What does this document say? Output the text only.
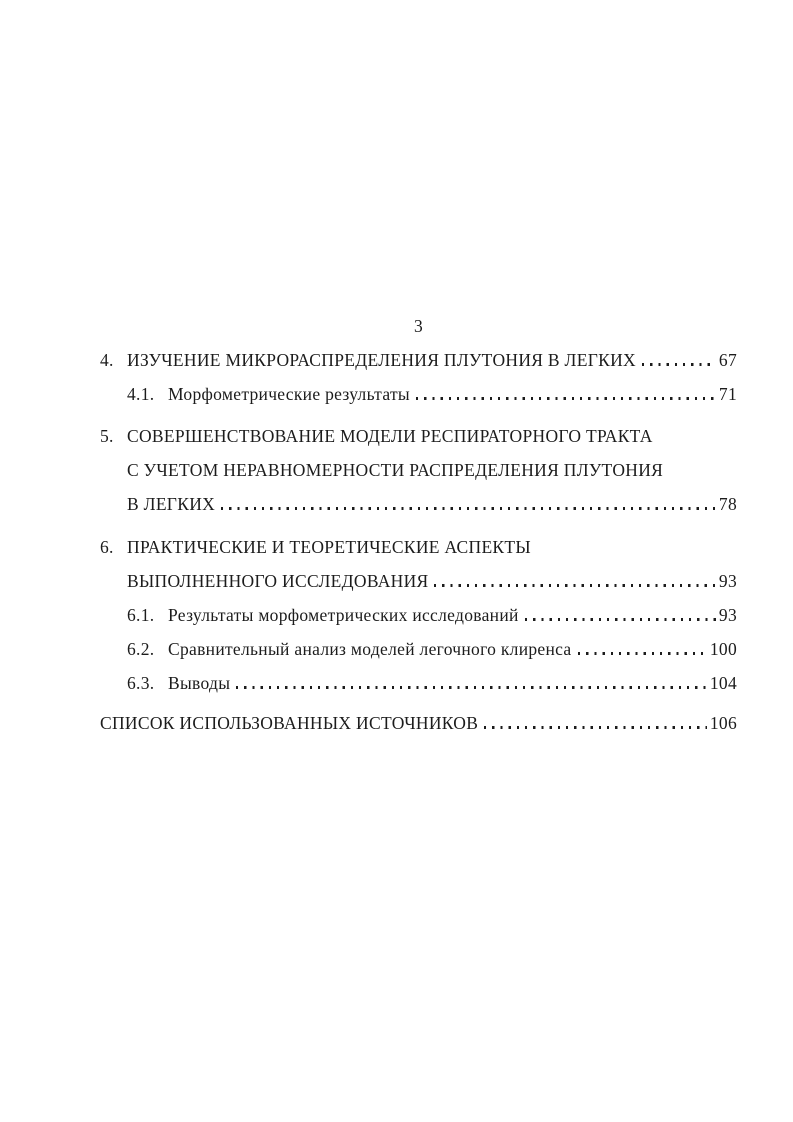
3
4. ИЗУЧЕНИЕ МИКРОРАСПРЕДЕЛЕНИЯ ПЛУТОНИЯ В ЛЕГКИХ	67
4.1. Морфометрические результаты	71
5. СОВЕРШЕНСТВОВАНИЕ МОДЕЛИ РЕСПИРАТОРНОГО ТРАКТА
С УЧЕТОМ НЕРАВНОМЕРНОСТИ РАСПРЕДЕЛЕНИЯ ПЛУТОНИЯ
В ЛЕГКИХ	78
6. ПРАКТИЧЕСКИЕ И ТЕОРЕТИЧЕСКИЕ АСПЕКТЫ
ВЫПОЛНЕННОГО ИССЛЕДОВАНИЯ	93
6.1. Результаты морфометрических исследований	93
6.2. Сравнительный анализ моделей легочного клиренса	100
6.3. Выводы	104
СПИСОК ИСПОЛЬЗОВАННЫХ ИСТОЧНИКОВ	106
